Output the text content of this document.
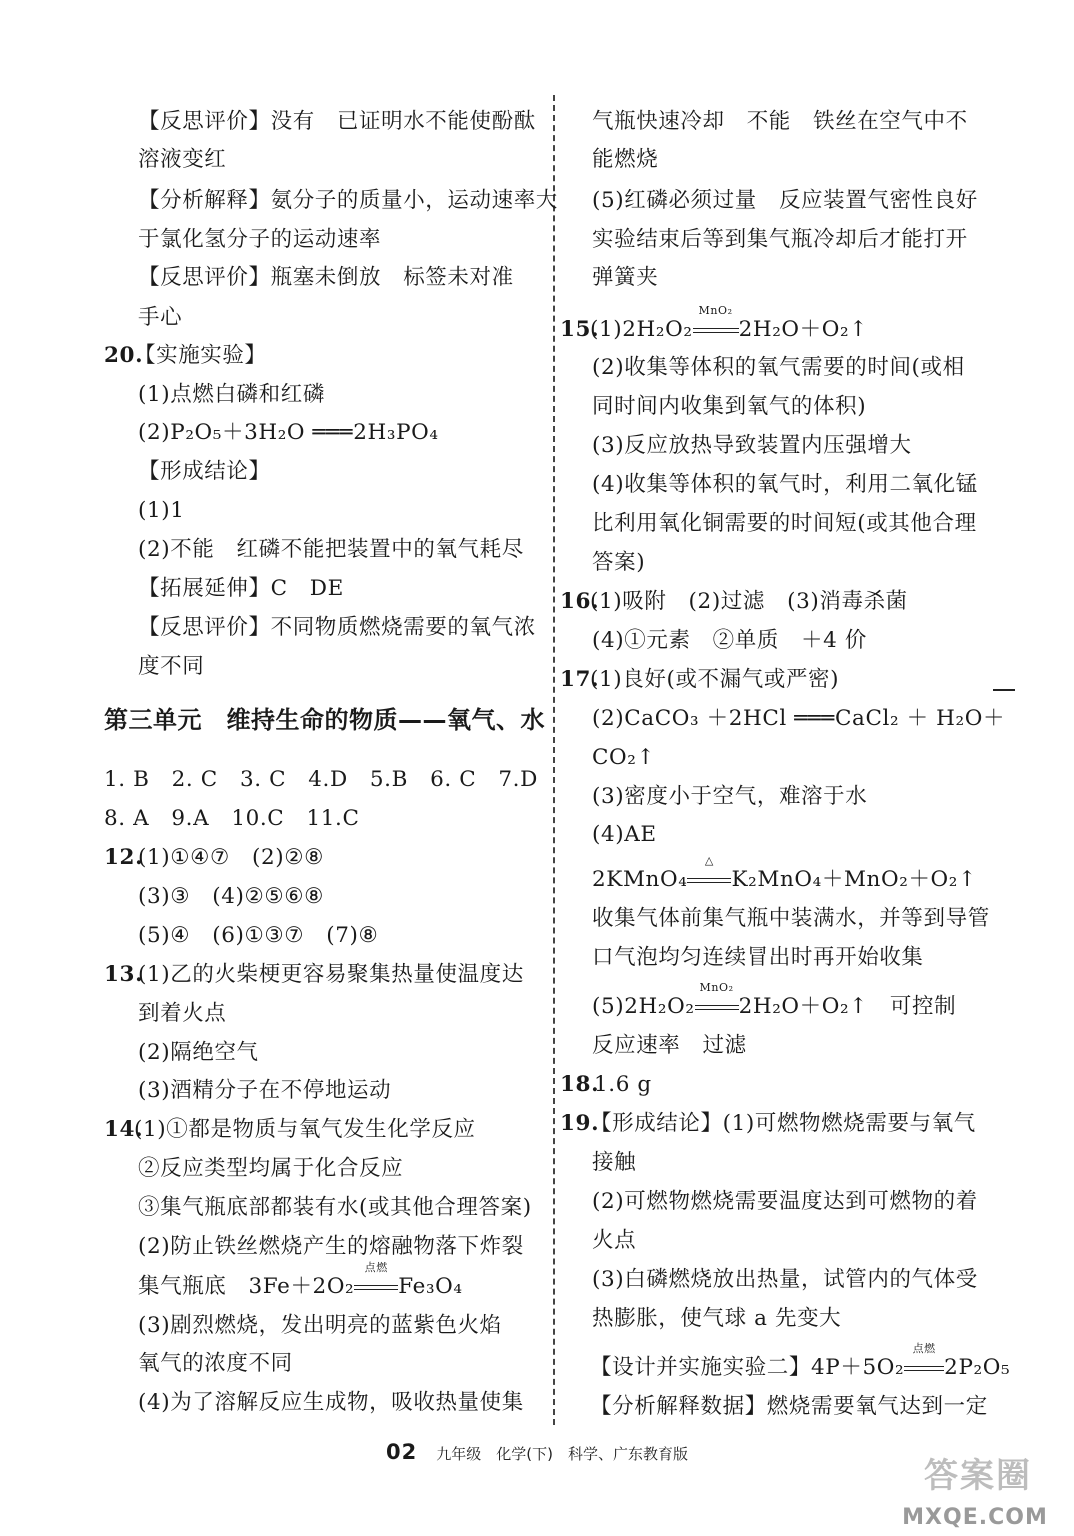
【反思评价】没有　已证明水不能使酚酞
溶液变红
【分析解释】氨分子的质量小，运动速率大
于氯化氢分子的运动速率
【反思评价】瓶塞未倒放　标签未对准
手心
20.
【实施实验】
(1)点燃白磷和红磷
(2)P₂O₅＋3H₂O ═══2H₃PO₄
【形成结论】
(1)1
(2)不能　红磷不能把装置中的氧气耗尽
【拓展延伸】C　DE
【反思评价】不同物质燃烧需要的氧气浓
度不同
第三单元　维持生命的物质——氧气、水
1. B　2. C　3. C　4.D　5.B　6. C　7.D
8. A　9.A　10.C　11.C
12.
(1)①④⑦　(2)②⑧
(3)③　(4)②⑤⑥⑧
(5)④　(6)①③⑦　(7)⑧
13.
(1)乙的火柴梗更容易聚集热量使温度达
到着火点
(2)隔绝空气
(3)酒精分子在不停地运动
14.
(1)①都是物质与氧气发生化学反应
②反应类型均属于化合反应
③集气瓶底部都装有水(或其他合理答案)
(2)防止铁丝燃烧产生的熔融物落下炸裂
集气瓶底　3Fe＋2O₂
点燃
Fe₃O₄
(3)剧烈燃烧，发出明亮的蓝紫色火焰
氧气的浓度不同
(4)为了溶解反应生成物，吸收热量使集
气瓶快速冷却　不能　铁丝在空气中不
能燃烧
(5)红磷必须过量　反应装置气密性良好
实验结束后等到集气瓶冷却后才能打开
弹簧夹
15.
(1)2H₂O₂
MnO₂
2H₂O＋O₂↑
(2)收集等体积的氧气需要的时间(或相
同时间内收集到氧气的体积)
(3)反应放热导致装置内压强增大
(4)收集等体积的氧气时，利用二氧化锰
比利用氧化铜需要的时间短(或其他合理
答案)
16.
(1)吸附　(2)过滤　(3)消毒杀菌
(4)①元素　②单质　＋4 价
17.
(1)良好(或不漏气或严密)
(2)CaCO₃ ＋2HCl ═══CaCl₂ ＋ H₂O＋
CO₂↑
(3)密度小于空气，难溶于水
(4)AE
2KMnO₄
△
K₂MnO₄＋MnO₂＋O₂↑
收集气体前集气瓶中装满水，并等到导管
口气泡均匀连续冒出时再开始收集
(5)2H₂O₂
MnO₂
2H₂O＋O₂↑　可控制
反应速率　过滤
18.
1.6 g
19.
【形成结论】(1)可燃物燃烧需要与氧气
接触
(2)可燃物燃烧需要温度达到可燃物的着
火点
(3)白磷燃烧放出热量，试管内的气体受
热膨胀，使气球 a 先变大
【设计并实施实验二】4P＋5O₂
点燃
2P₂O₅
【分析解释数据】燃烧需要氧气达到一定
02 九年级　化学(下)　科学、广东教育版
答案圈
MXQE.COM
